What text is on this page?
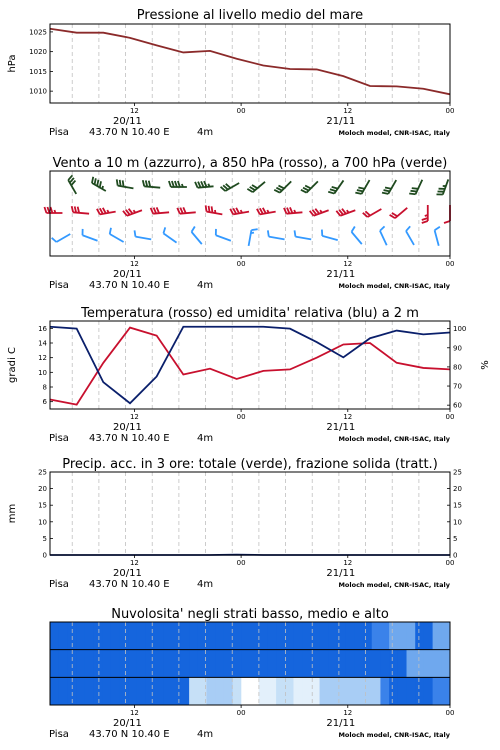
Pressione al livello medio del mare
1010
1015
1020
1025
hPa
12	00	12	00
20/11	21/11
Pisa 43.70 N 10.40 E	4m	Moloch model, CNR-ISAC, Italy
Vento a 10 m (azzurro), a 850 hPa (rosso), a 700 hPa (verde)
12	00	12	00
20/11	21/11
Pisa 43.70 N 10.40 E	4m	Moloch model, CNR-ISAC, Italy
Temperatura (rosso) ed umidita' relativa (blu) a 2 m
6
8
10
12
14
16
60
70
80
90
100
gradi C	%
12	00	12	00
20/11	21/11
Pisa 43.70 N 10.40 E	4m	Moloch model, CNR-ISAC, Italy
Precip. acc. in 3 ore: totale (verde), frazione solida (tratt.)
0
5
10
15
20
25
0
5
10
15
20
25
mm
12	00	12	00
20/11	21/11
Pisa 43.70 N 10.40 E	4m	Moloch model, CNR-ISAC, Italy
Nuvolosita' negli strati basso, medio e alto
12	00	12	00
20/11	21/11
Pisa 43.70 N 10.40 E	4m	Moloch model, CNR-ISAC, Italy
